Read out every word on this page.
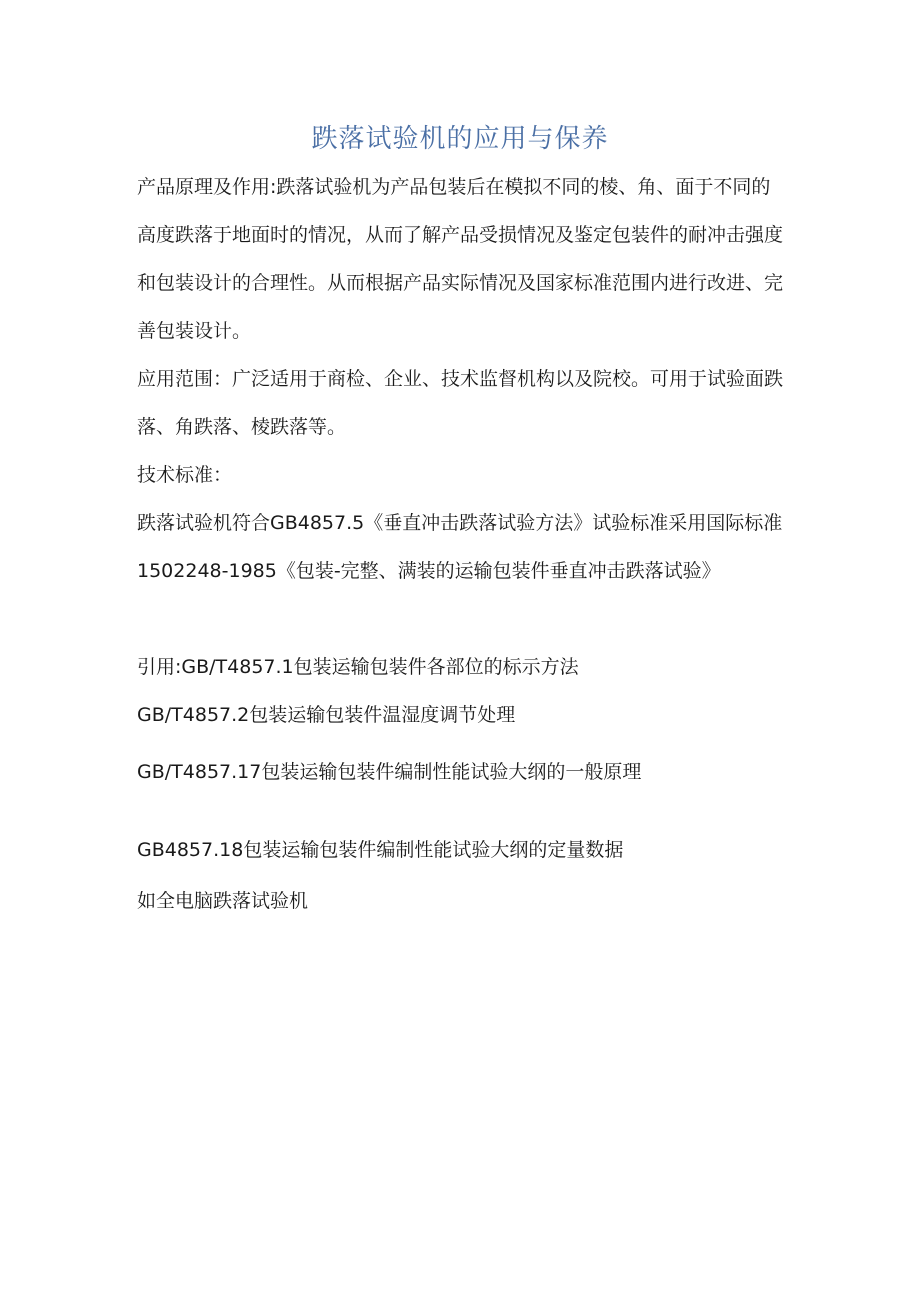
跌落试验机的应用与保养

产品原理及作用:跌落试验机为产品包装后在模拟不同的棱、角、面于不同的高度跌落于地面时的情况，从而了解产品受损情况及鉴定包装件的耐冲击强度和包装设计的合理性。从而根据产品实际情况及国家标准范围内进行改进、完善包装设计。

应用范围：广泛适用于商检、企业、技术监督机构以及院校。可用于试验面跌落、角跌落、棱跌落等。

技术标准：

跌落试验机符合GB4857.5《垂直冲击跌落试验方法》试验标准采用国际标准1502248-1985《包装-完整、满装的运输包装件垂直冲击跌落试验》

引用:GB/T4857.1包装运输包装件各部位的标示方法

GB/T4857.2包装运输包装件温湿度调节处理

GB/T4857.17包装运输包装件编制性能试验大纲的一般原理

GB4857.18包装运输包装件编制性能试验大纲的定量数据

如全电脑跌落试验机
